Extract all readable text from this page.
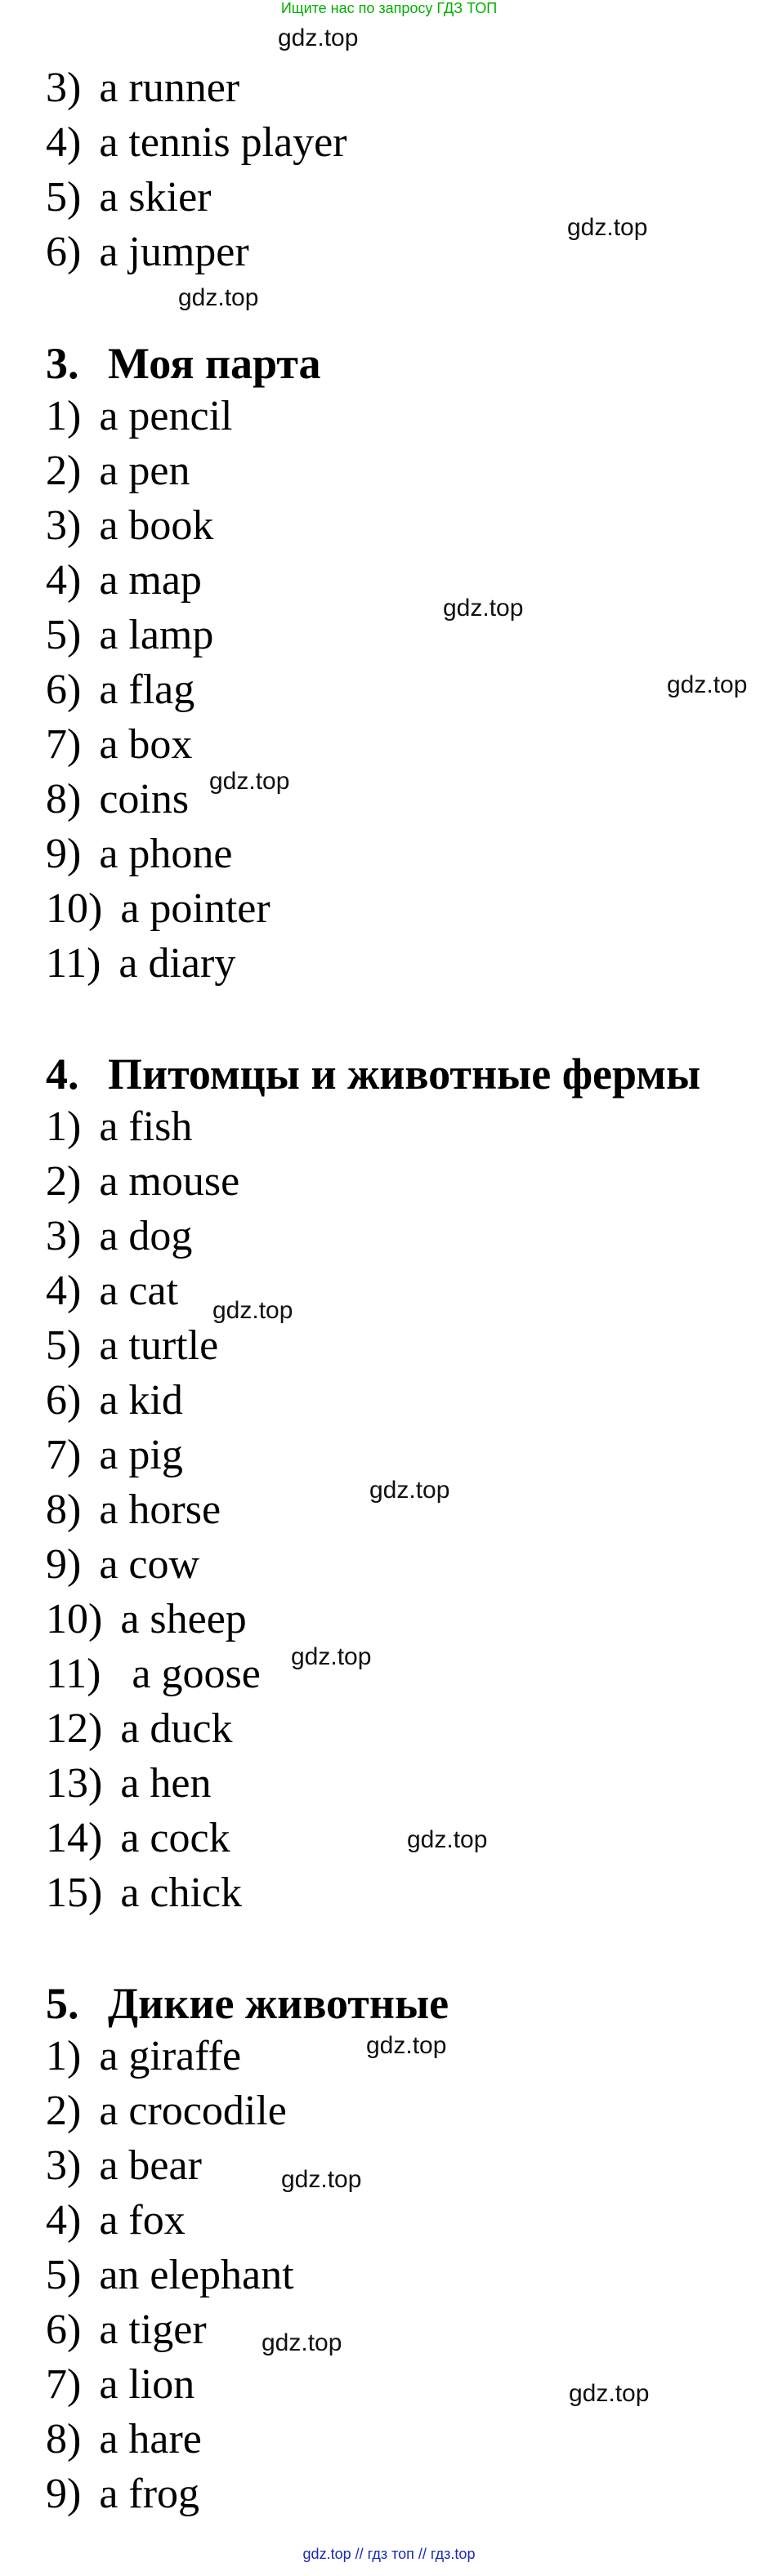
Ищите нас по запросу ГДЗ ТОП
gdz.top
gdz.top
gdz.top
gdz.top
gdz.top
gdz.top
gdz.top
gdz.top
gdz.top
gdz.top
gdz.top
gdz.top
gdz.top
gdz.top
3) a runner
4) a tennis player
5) a skier
6) a jumper
3. Моя парта
1) a pencil
2) a pen
3) a book
4) a map
5) a lamp
6) a flag
7) a box
8) coins
9) a phone
10) a pointer
11) a diary
4. Питомцы и животные фермы
1) a fish
2) a mouse
3) a dog
4) a cat
5) a turtle
6) a kid
7) a pig
8) a horse
9) a cow
10) a sheep
11) a goose
12) a duck
13) a hen
14) a cock
15) a chick
5. Дикие животные
1) a giraffe
2) a crocodile
3) a bear
4) a fox
5) an elephant
6) a tiger
7) a lion
8) a hare
9) a frog
gdz.top // гдз топ // гдз.top
